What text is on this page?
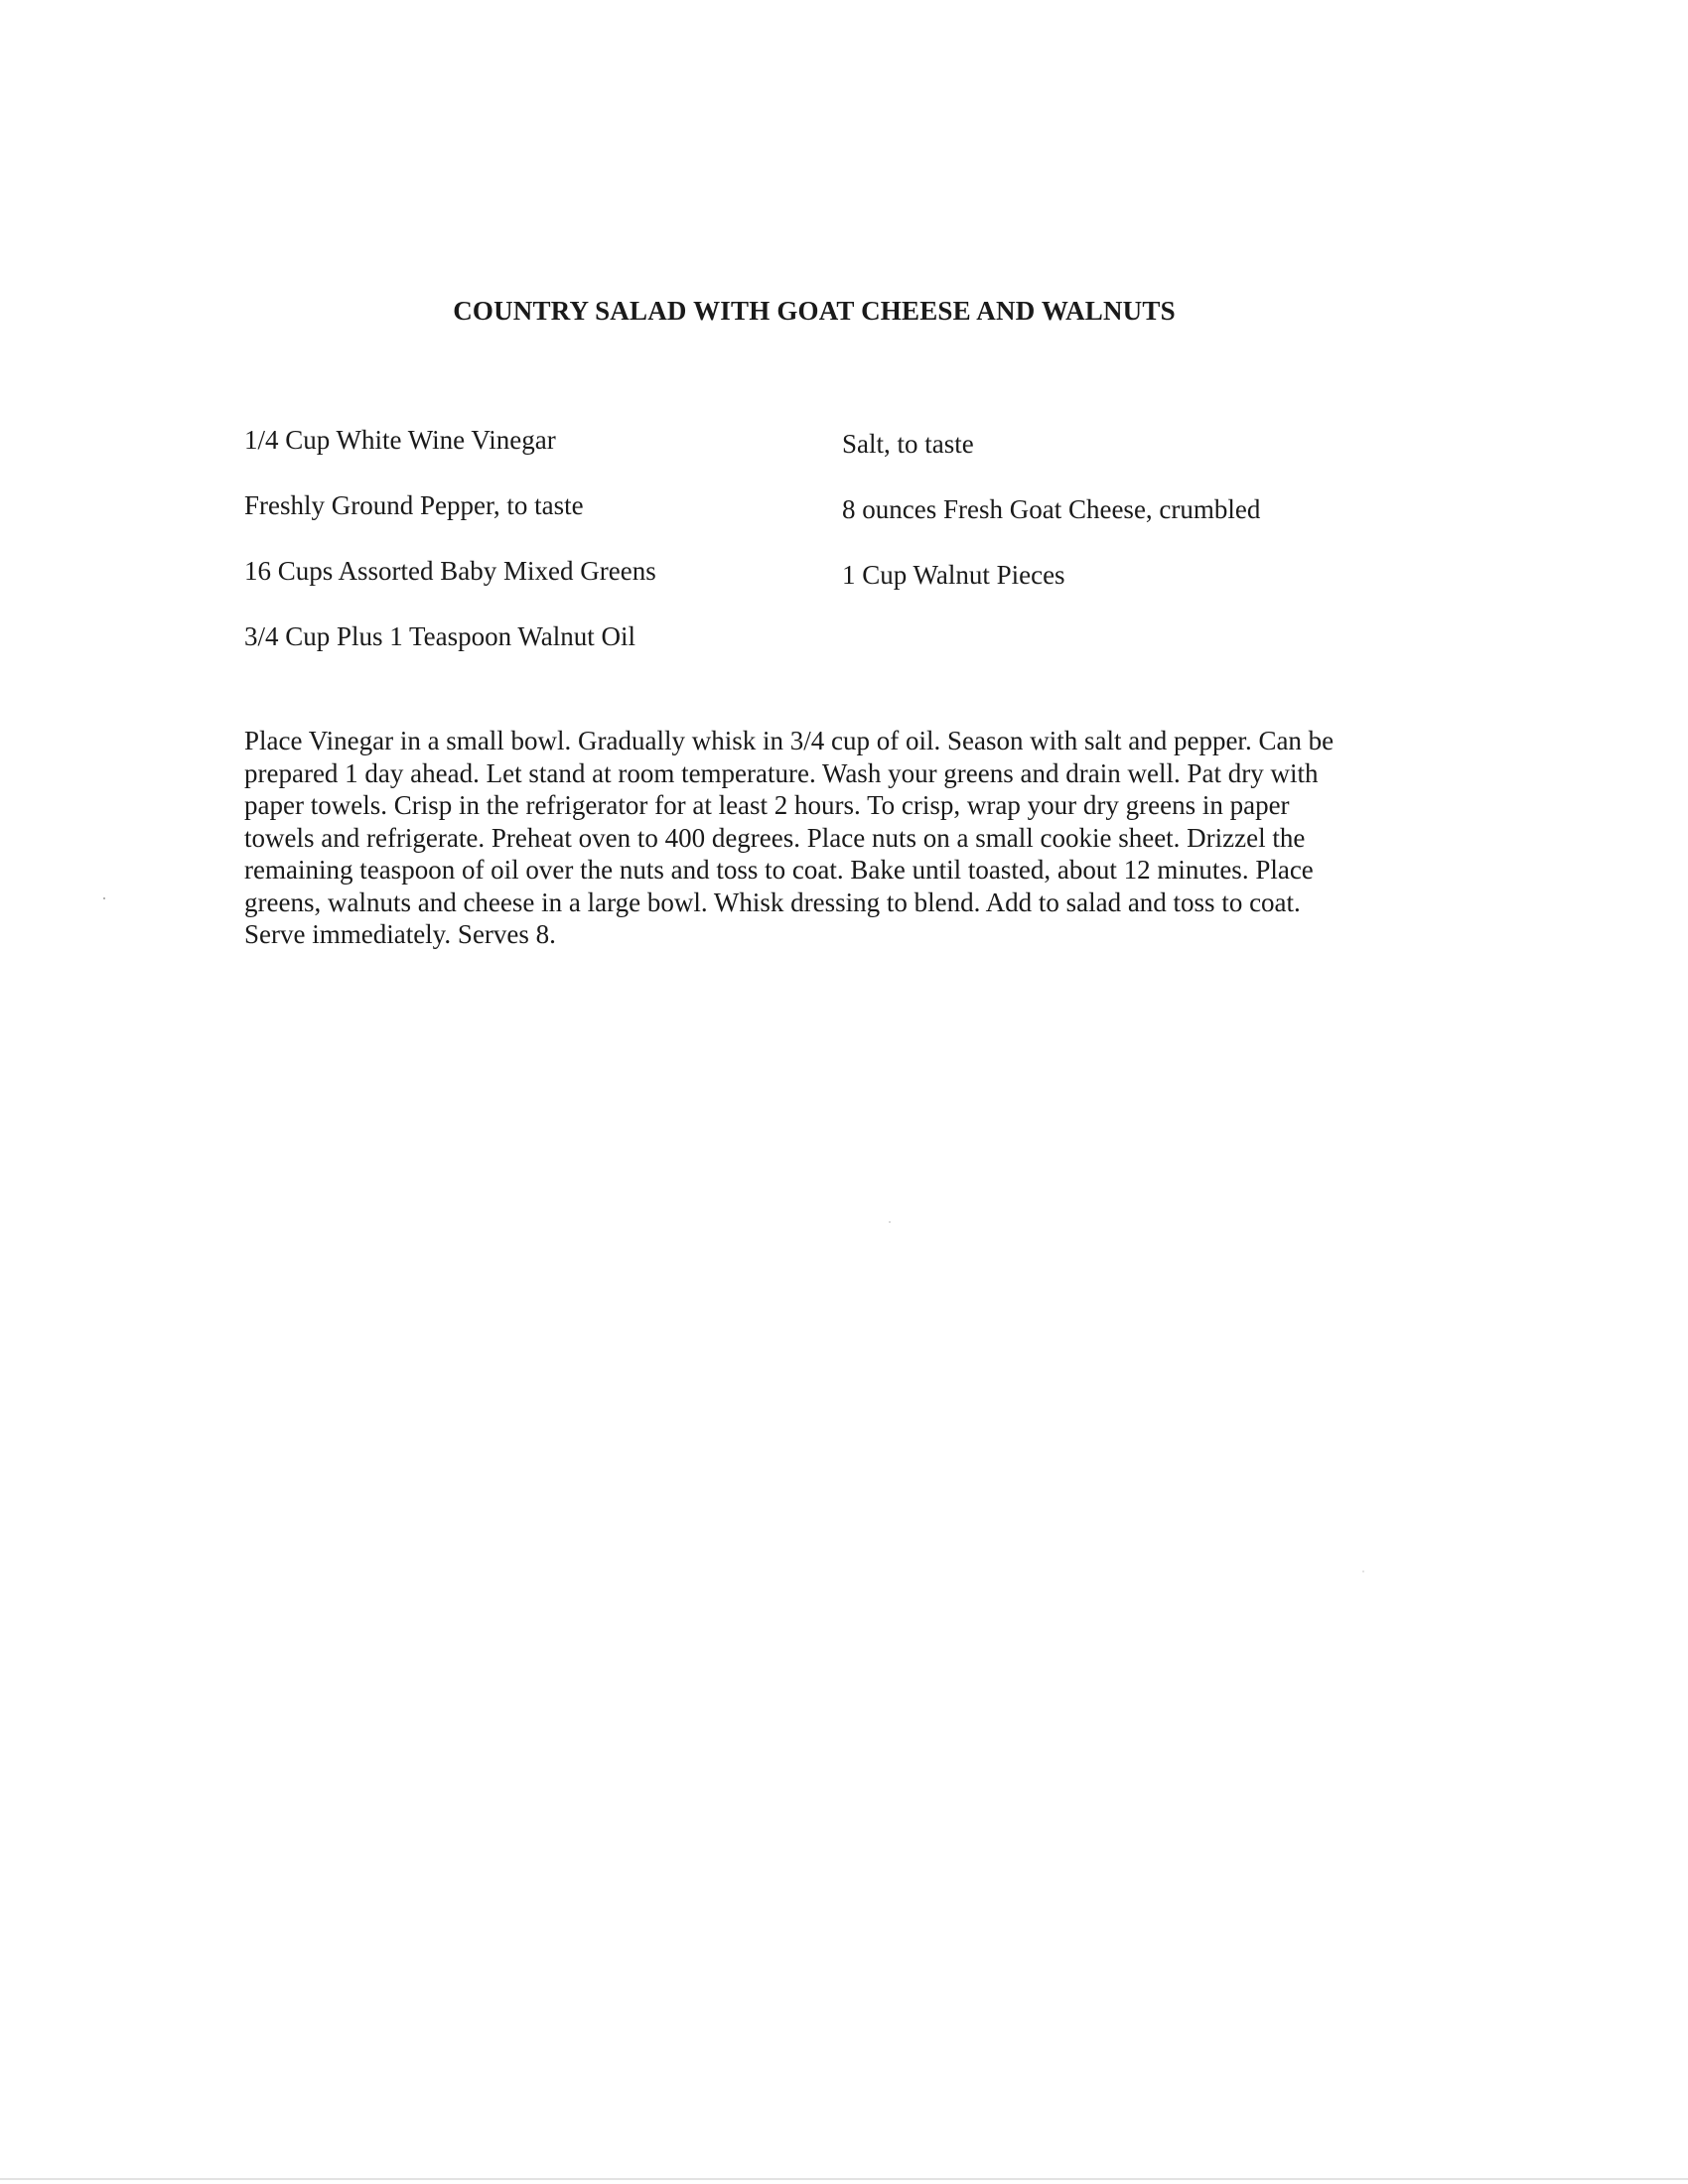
COUNTRY SALAD WITH GOAT CHEESE AND WALNUTS
1/4 Cup White Wine Vinegar
Freshly Ground Pepper, to taste
16 Cups Assorted Baby Mixed Greens
3/4 Cup Plus 1 Teaspoon Walnut Oil
Salt, to taste
8 ounces Fresh Goat Cheese, crumbled
1 Cup Walnut Pieces
Place Vinegar in a small bowl. Gradually whisk in 3/4 cup of oil. Season with salt and pepper. Can be
prepared 1 day ahead. Let stand at room temperature. Wash your greens and drain well. Pat dry with
paper towels. Crisp in the refrigerator for at least 2 hours. To crisp, wrap your dry greens in paper
towels and refrigerate. Preheat oven to 400 degrees. Place nuts on a small cookie sheet. Drizzel the
remaining teaspoon of oil over the nuts and toss to coat. Bake until toasted, about 12 minutes. Place
greens, walnuts and cheese in a large bowl. Whisk dressing to blend. Add to salad and toss to coat.
Serve immediately. Serves 8.
